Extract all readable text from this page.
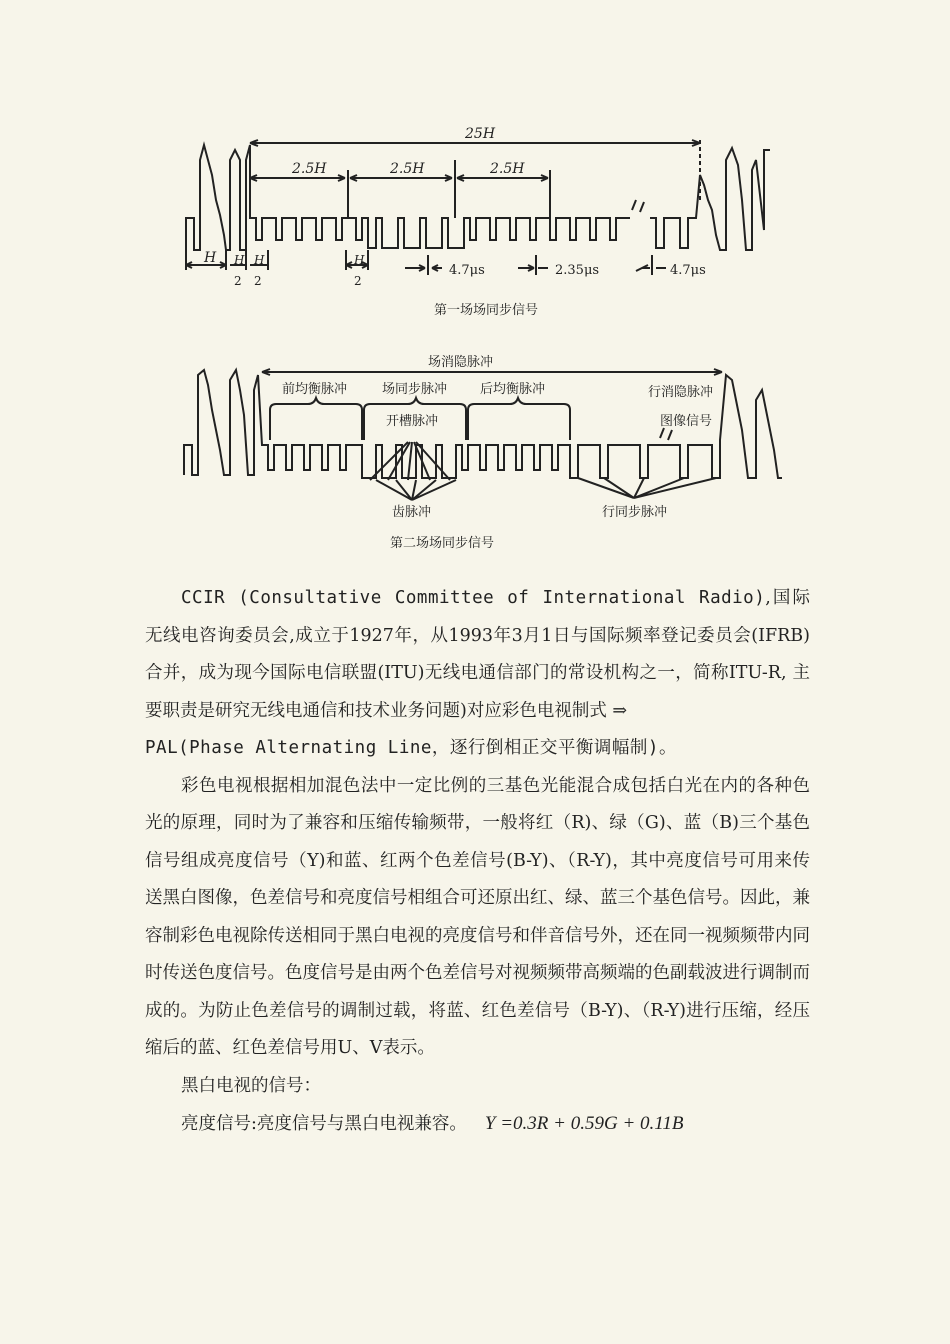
25H
2.5H	2.5H	2.5H
H H
2
H
2
H
2
4.7μs	2.35μs	4.7μs
第一场场同步信号
场消隐脉冲
前均衡脉冲	场同步脉冲	后均衡脉冲	行消隐脉冲
开槽脉冲	图像信号
齿脉冲	行同步脉冲
第二场场同步信号

CCIR (Consultative Committee of International Radio),国际无线电咨询委员会,成立于1927年，从1993年3月1日与国际频率登记委员会(IFRB)合并，成为现今国际电信联盟(ITU)无线电通信部门的常设机构之一，简称ITU-R, 主要职责是研究无线电通信和技术业务问题)对应彩色电视制式 ⇒

PAL(Phase Alternating Line，逐行倒相正交平衡调幅制)。

彩色电视根据相加混色法中一定比例的三基色光能混合成包括白光在内的各种色光的原理，同时为了兼容和压缩传输频带，一般将红（R)、绿（G)、蓝（B)三个基色信号组成亮度信号（Y)和蓝、红两个色差信号(B-Y)、（R-Y)，其中亮度信号可用来传送黑白图像，色差信号和亮度信号相组合可还原出红、绿、蓝三个基色信号。因此，兼容制彩色电视除传送相同于黑白电视的亮度信号和伴音信号外，还在同一视频频带内同时传送色度信号。色度信号是由两个色差信号对视频频带高频端的色副载波进行调制而成的。为防止色差信号的调制过载，将蓝、红色差信号（B-Y)、（R-Y)进行压缩，经压缩后的蓝、红色差信号用U、V表示。

黑白电视的信号：

亮度信号:亮度信号与黑白电视兼容。 Y =0.3R + 0.59G + 0.11B
